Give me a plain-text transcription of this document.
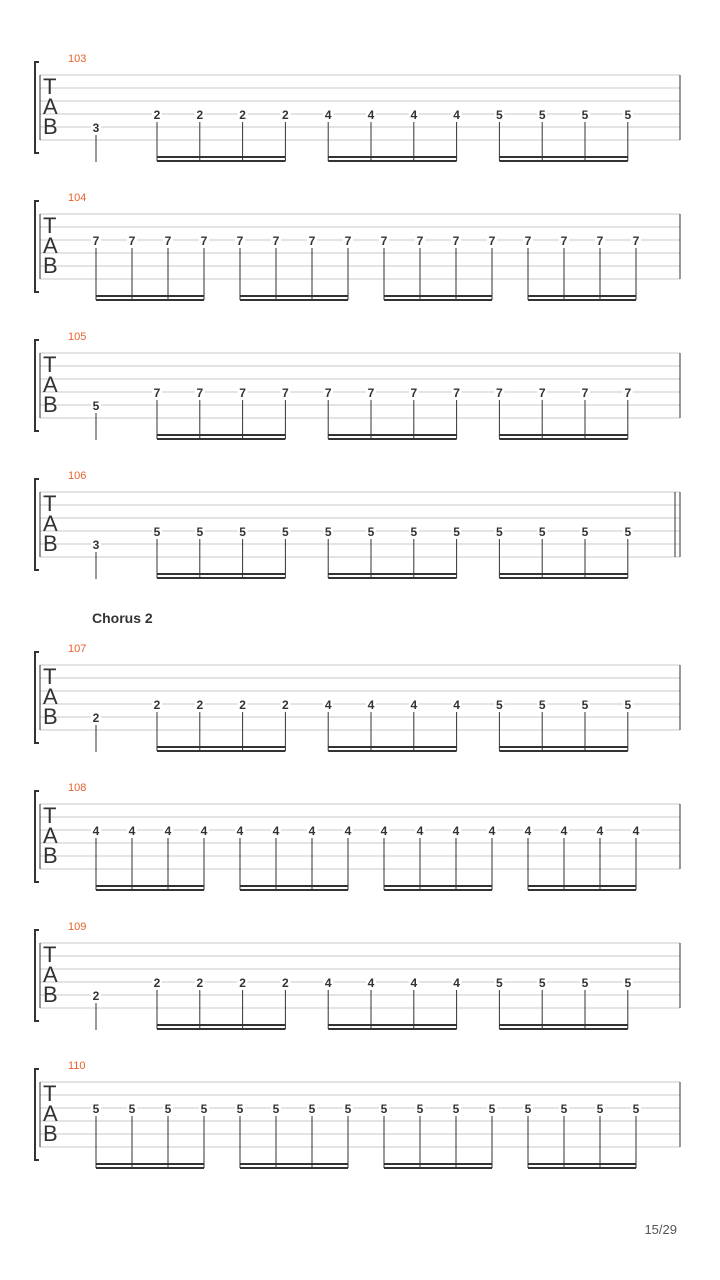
103
T
A
B	3
2	2	2	2	4	4	4	4	5	5	5	5
104
T
A
B
7 7 7 7 7 7 7 7 7 7 7 7 7 7 7 7
105
T
A
B	5
7	7	7	7	7	7	7	7	7	7	7	7
106
T
A
B	3
5	5	5	5	5	5	5	5	5	5	5	5
107
T
A
B	2
2	2	2	2	4	4	4	4	5	5	5	5
108
T
A
B
4 4 4 4 4 4 4 4 4 4 4 4 4 4 4 4
109
T
A
B	2
2	2	2	2	4	4	4	4	5	5	5	5
110
T
A
B
5 5 5 5 5 5 5 5 5 5 5 5 5 5 5 5
Chorus 2
15/29
